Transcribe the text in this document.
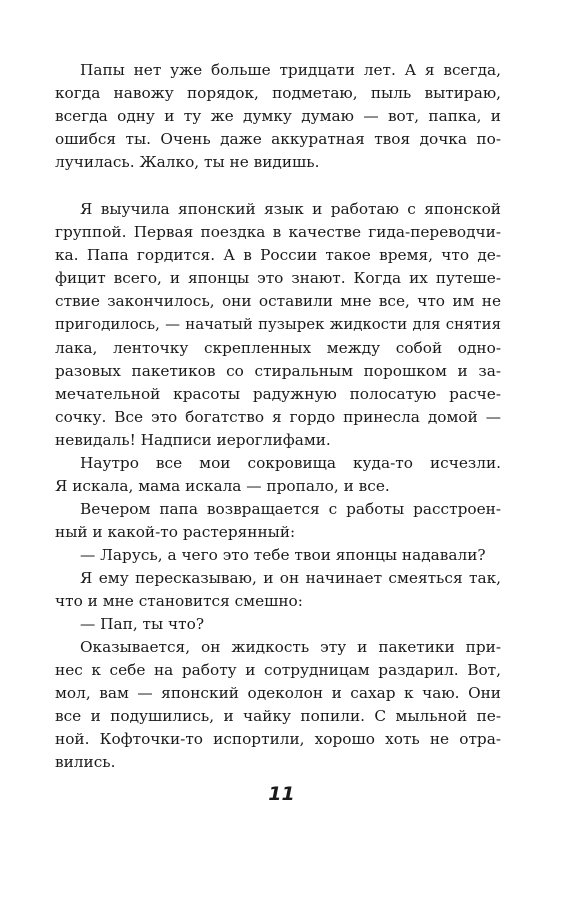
Папы нет уже больше тридцати лет. А я всегда,
когда навожу порядок, подметаю, пыль вытираю,
всегда одну и ту же думку думаю — вот, папка, и
ошибся ты. Очень даже аккуратная твоя дочка по-
лучилась. Жалко, ты не видишь.
Я выучила японский язык и работаю с японской
группой. Первая поездка в качестве гида-переводчи-
ка. Папа гордится. А в России такое время, что де-
фицит всего, и японцы это знают. Когда их путеше-
ствие закончилось, они оставили мне все, что им не
пригодилось, — начатый пузырек жидкости для снятия
лака, ленточку скрепленных между собой одно-
разовых пакетиков со стиральным порошком и за-
мечательной красоты радужную полосатую расче-
сочку. Все это богатство я гордо принесла домой —
невидаль! Надписи иероглифами.
Наутро все мои сокровища куда-то исчезли.
Я искала, мама искала — пропало, и все.
Вечером папа возвращается с работы расстроен-
ный и какой-то растерянный:
— Ларусь, а чего это тебе твои японцы надавали?
Я ему пересказываю, и он начинает смеяться так,
что и мне становится смешно:
— Пап, ты что?
Оказывается, он жидкость эту и пакетики при-
нес к себе на работу и сотрудницам раздарил. Вот,
мол, вам — японский одеколон и сахар к чаю. Они
все и подушились, и чайку попили. С мыльной пе-
ной. Кофточки-то испортили, хорошо хоть не отра-
вились.
11
